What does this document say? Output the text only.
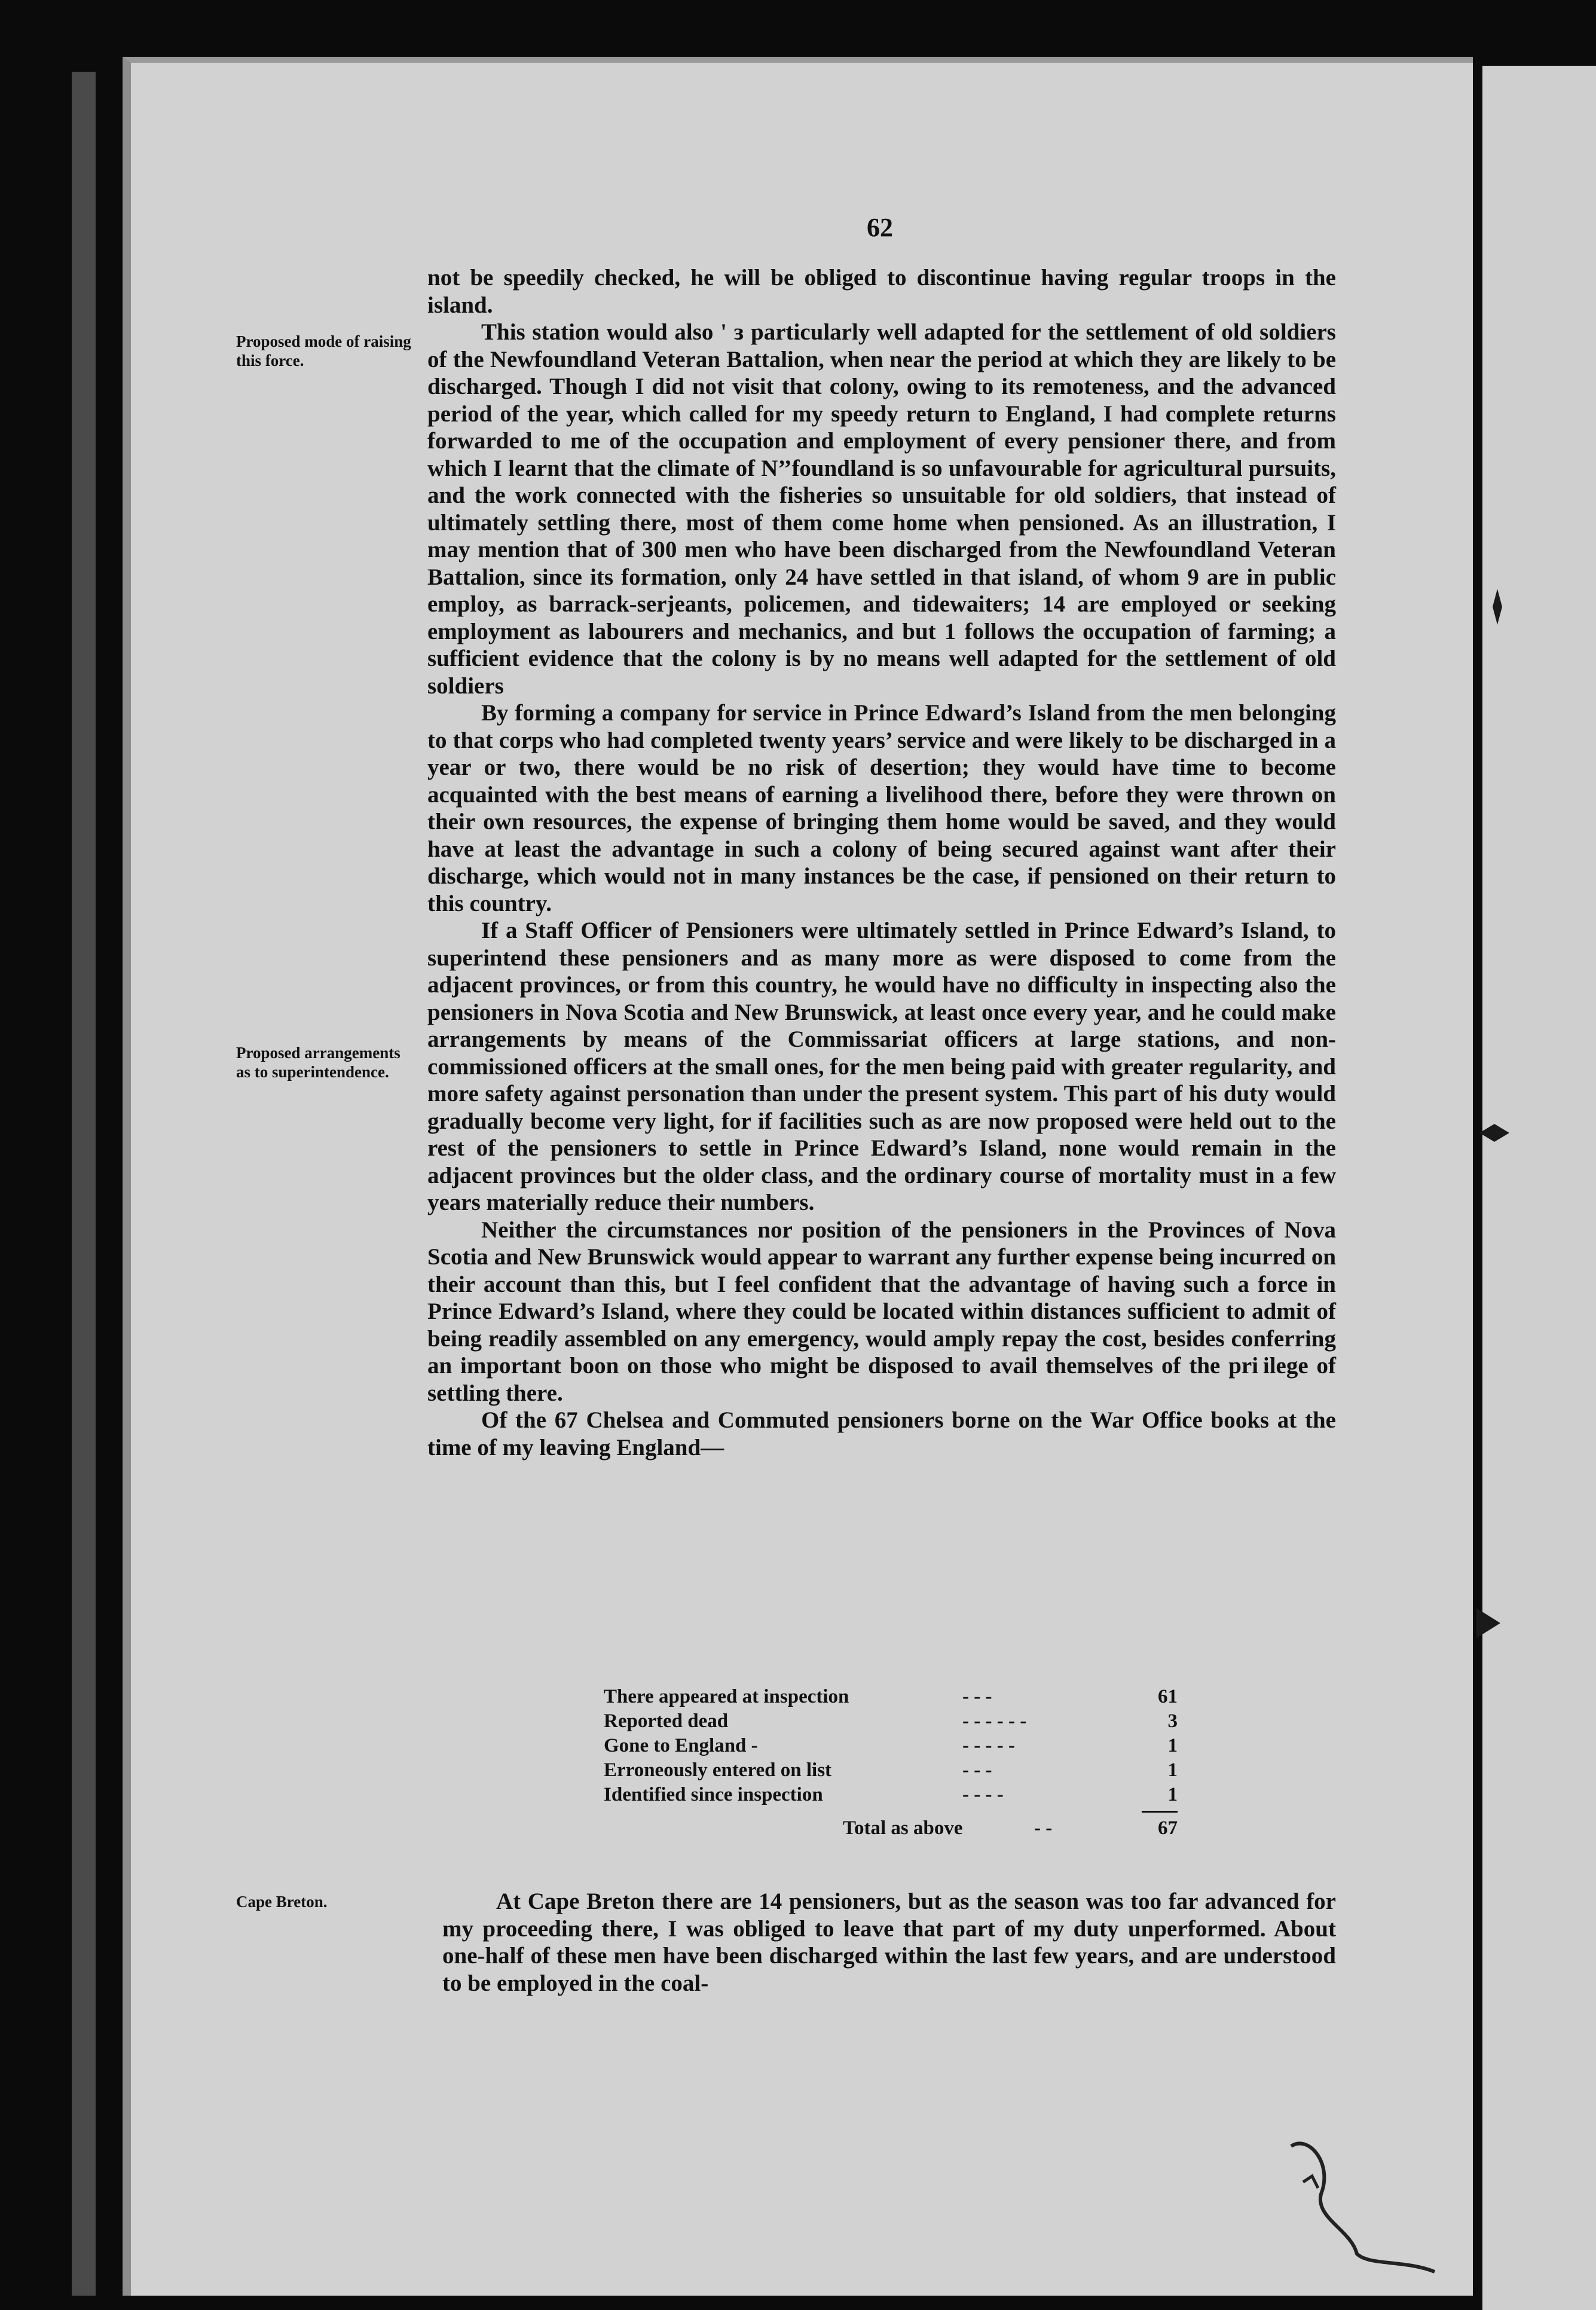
62
Proposed mode of raising this force.
Proposed arrangements as to superintendence.
Cape Breton.

not be speedily checked, he will be obliged to discontinue having regular troops in the island.

This station would also ' ɜ particularly well adapted for the settlement of old soldiers of the Newfoundland Veteran Battalion, when near the period at which they are likely to be discharged. Though I did not visit that colony, owing to its remoteness, and the advanced period of the year, which called for my speedy return to England, I had complete returns forwarded to me of the occupation and employment of every pensioner there, and from which I learnt that the climate of N’’foundland is so unfavourable for agricultural pursuits, and the work connected with the fisheries so unsuitable for old soldiers, that instead of ultimately settling there, most of them come home when pensioned. As an illustration, I may mention that of 300 men who have been discharged from the Newfoundland Veteran Battalion, since its formation, only 24 have settled in that island, of whom 9 are in public employ, as barrack-serjeants, policemen, and tidewaiters; 14 are employed or seeking employment as labourers and mechanics, and but 1 follows the occupation of farming; a sufficient evidence that the colony is by no means well adapted for the settlement of old soldiers

By forming a company for service in Prince Edward’s Island from the men belonging to that corps who had completed twenty years’ service and were likely to be discharged in a year or two, there would be no risk of desertion; they would have time to become acquainted with the best means of earning a livelihood there, before they were thrown on their own resources, the expense of bringing them home would be saved, and they would have at least the advantage in such a colony of being secured against want after their discharge, which would not in many instances be the case, if pensioned on their return to this country.

If a Staff Officer of Pensioners were ultimately settled in Prince Edward’s Island, to superintend these pensioners and as many more as were disposed to come from the adjacent provinces, or from this country, he would have no difficulty in inspecting also the pensioners in Nova Scotia and New Brunswick, at least once every year, and he could make arrangements by means of the Commissariat officers at large stations, and non-commissioned officers at the small ones, for the men being paid with greater regularity, and more safety against personation than under the present system. This part of his duty would gradually become very light, for if facilities such as are now proposed were held out to the rest of the pensioners to settle in Prince Edward’s Island, none would remain in the adjacent provinces but the older class, and the ordinary course of mortality must in a few years materially reduce their numbers.

Neither the circumstances nor position of the pensioners in the Provinces of Nova Scotia and New Brunswick would appear to warrant any further expense being incurred on their account than this, but I feel confident that the advantage of having such a force in Prince Edward’s Island, where they could be located within distances sufficient to admit of being readily assembled on any emergency, would amply repay the cost, besides conferring an important boon on those who might be disposed to avail themselves of the pri ilege of settling there.

Of the 67 Chelsea and Commuted pensioners borne on the War Office books at the time of my leaving England—

There appeared at inspection	- - -	61
Reported dead	- - - - - -	3
Gone to England -	- - - - -	1
Erroneously entered on list	- - -	1
Identified since inspection	- - - -	1
Total as above	- -	67

At Cape Breton there are 14 pensioners, but as the season was too far advanced for my proceeding there, I was obliged to leave that part of my duty unperformed. About one-half of these men have been discharged within the last few years, and are understood to be employed in the coal-
